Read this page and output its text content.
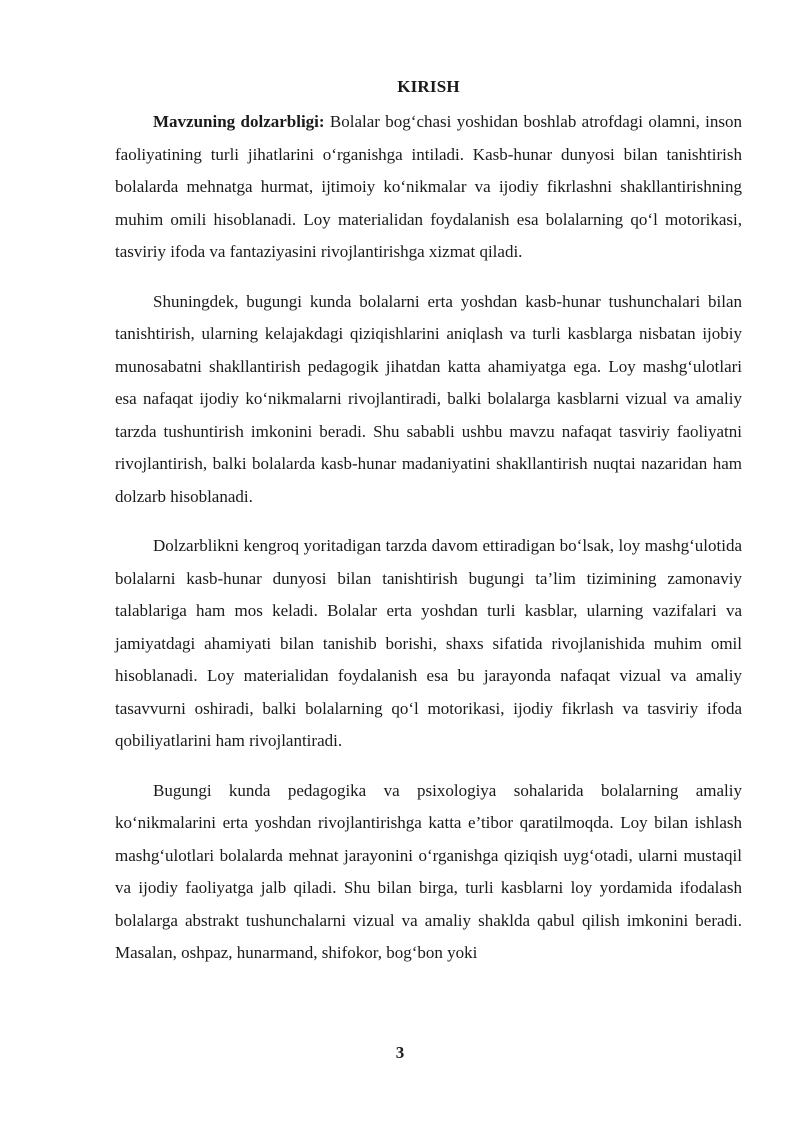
KIRISH

Mavzuning dolzarbligi: Bolalar bog‘chasi yoshidan boshlab atrofdagi olamni, inson faoliyatining turli jihatlarini o‘rganishga intiladi. Kasb-hunar dunyosi bilan tanishtirish bolalarda mehnatga hurmat, ijtimoiy ko‘nikmalar va ijodiy fikrlashni shakllantirishning muhim omili hisoblanadi. Loy materialidan foydalanish esa bolalarning qo‘l motorikasi, tasviriy ifoda va fantaziyasini rivojlantirishga xizmat qiladi.

Shuningdek, bugungi kunda bolalarni erta yoshdan kasb-hunar tushunchalari bilan tanishtirish, ularning kelajakdagi qiziqishlarini aniqlash va turli kasblarga nisbatan ijobiy munosabatni shakllantirish pedagogik jihatdan katta ahamiyatga ega. Loy mashg‘ulotlari esa nafaqat ijodiy ko‘nikmalarni rivojlantiradi, balki bolalarga kasblarni vizual va amaliy tarzda tushuntirish imkonini beradi. Shu sababli ushbu mavzu nafaqat tasviriy faoliyatni rivojlantirish, balki bolalarda kasb-hunar madaniyatini shakllantirish nuqtai nazaridan ham dolzarb hisoblanadi.

Dolzarblikni kengroq yoritadigan tarzda davom ettiradigan bo‘lsak, loy mashg‘ulotida bolalarni kasb-hunar dunyosi bilan tanishtirish bugungi ta’lim tizimining zamonaviy talablariga ham mos keladi. Bolalar erta yoshdan turli kasblar, ularning vazifalari va jamiyatdagi ahamiyati bilan tanishib borishi, shaxs sifatida rivojlanishida muhim omil hisoblanadi. Loy materialidan foydalanish esa bu jarayonda nafaqat vizual va amaliy tasavvurni oshiradi, balki bolalarning qo‘l motorikasi, ijodiy fikrlash va tasviriy ifoda qobiliyatlarini ham rivojlantiradi.

Bugungi kunda pedagogika va psixologiya sohalarida bolalarning amaliy ko‘nikmalarini erta yoshdan rivojlantirishga katta e’tibor qaratilmoqda. Loy bilan ishlash mashg‘ulotlari bolalarda mehnat jarayonini o‘rganishga qiziqish uyg‘otadi, ularni mustaqil va ijodiy faoliyatga jalb qiladi. Shu bilan birga, turli kasblarni loy yordamida ifodalash bolalarga abstrakt tushunchalarni vizual va amaliy shaklda qabul qilish imkonini beradi. Masalan, oshpaz, hunarmand, shifokor, bog‘bon yoki

3
